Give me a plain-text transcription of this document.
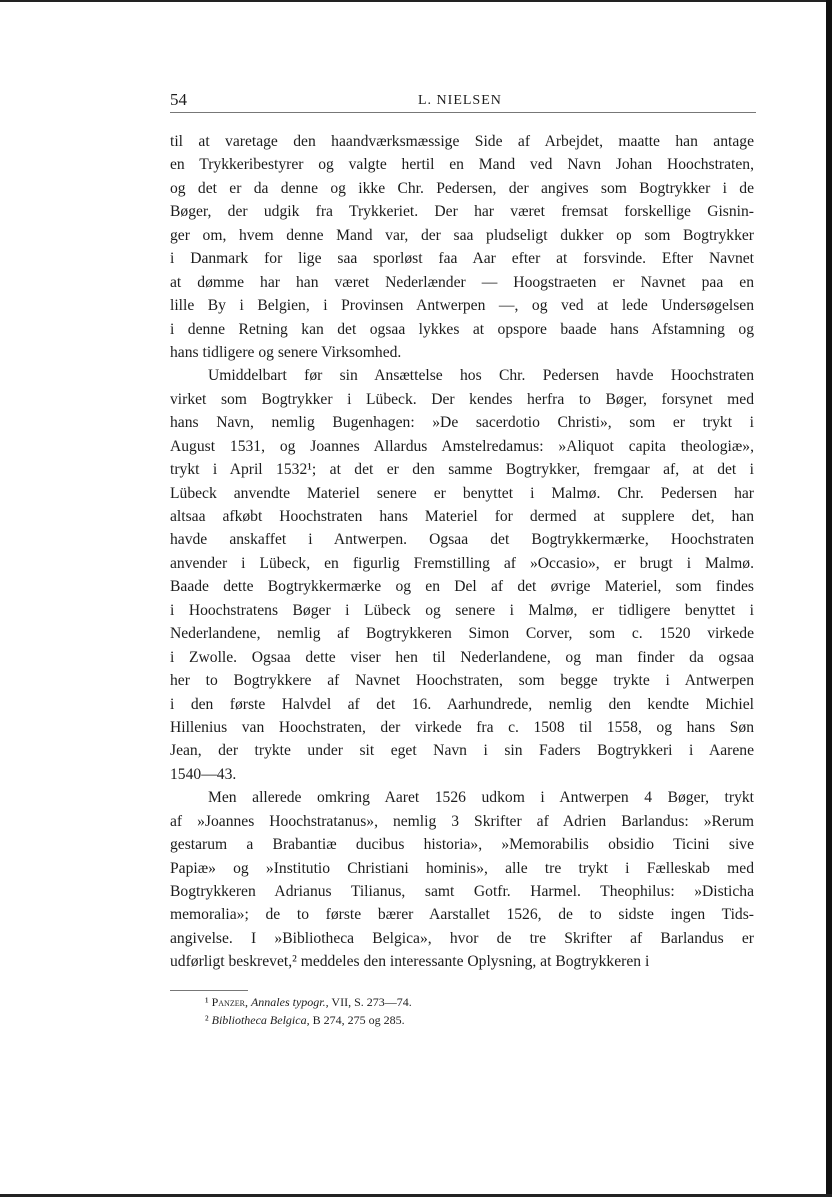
54	L. NIELSEN
til at varetage den haandværksmæssige Side af Arbejdet, maatte han antage
en Trykkeribestyrer og valgte hertil en Mand ved Navn Johan Hoochstraten,
og det er da denne og ikke Chr. Pedersen, der angives som Bogtrykker i de
Bøger, der udgik fra Trykkeriet. Der har været fremsat forskellige Gisnin-
ger om, hvem denne Mand var, der saa pludseligt dukker op som Bogtrykker
i Danmark for lige saa sporløst faa Aar efter at forsvinde. Efter Navnet
at dømme har han været Nederlænder — Hoogstraeten er Navnet paa en
lille By i Belgien, i Provinsen Antwerpen —, og ved at lede Undersøgelsen
i denne Retning kan det ogsaa lykkes at opspore baade hans Afstamning og
hans tidligere og senere Virksomhed.
Umiddelbart før sin Ansættelse hos Chr. Pedersen havde Hoochstraten
virket som Bogtrykker i Lübeck. Der kendes herfra to Bøger, forsynet med
hans Navn, nemlig Bugenhagen: »De sacerdotio Christi», som er trykt i
August 1531, og Joannes Allardus Amstelredamus: »Aliquot capita theologiæ»,
trykt i April 1532¹; at det er den samme Bogtrykker, fremgaar af, at det i
Lübeck anvendte Materiel senere er benyttet i Malmø. Chr. Pedersen har
altsaa afkøbt Hoochstraten hans Materiel for dermed at supplere det, han
havde anskaffet i Antwerpen. Ogsaa det Bogtrykkermærke, Hoochstraten
anvender i Lübeck, en figurlig Fremstilling af »Occasio», er brugt i Malmø.
Baade dette Bogtrykkermærke og en Del af det øvrige Materiel, som findes
i Hoochstratens Bøger i Lübeck og senere i Malmø, er tidligere benyttet i
Nederlandene, nemlig af Bogtrykkeren Simon Corver, som c. 1520 virkede
i Zwolle. Ogsaa dette viser hen til Nederlandene, og man finder da ogsaa
her to Bogtrykkere af Navnet Hoochstraten, som begge trykte i Antwerpen
i den første Halvdel af det 16. Aarhundrede, nemlig den kendte Michiel
Hillenius van Hoochstraten, der virkede fra c. 1508 til 1558, og hans Søn
Jean, der trykte under sit eget Navn i sin Faders Bogtrykkeri i Aarene
1540—43.
Men allerede omkring Aaret 1526 udkom i Antwerpen 4 Bøger, trykt
af »Joannes Hoochstratanus», nemlig 3 Skrifter af Adrien Barlandus: »Rerum
gestarum a Brabantiæ ducibus historia», »Memorabilis obsidio Ticini sive
Papiæ» og »Institutio Christiani hominis», alle tre trykt i Fælleskab med
Bogtrykkeren Adrianus Tilianus, samt Gotfr. Harmel. Theophilus: »Disticha
memoralia»; de to første bærer Aarstallet 1526, de to sidste ingen Tids-
angivelse. I »Bibliotheca Belgica», hvor de tre Skrifter af Barlandus er
udførligt beskrevet,² meddeles den interessante Oplysning, at Bogtrykkeren i
¹ Panzer, Annales typogr., VII, S. 273—74.
² Bibliotheca Belgica, B 274, 275 og 285.
